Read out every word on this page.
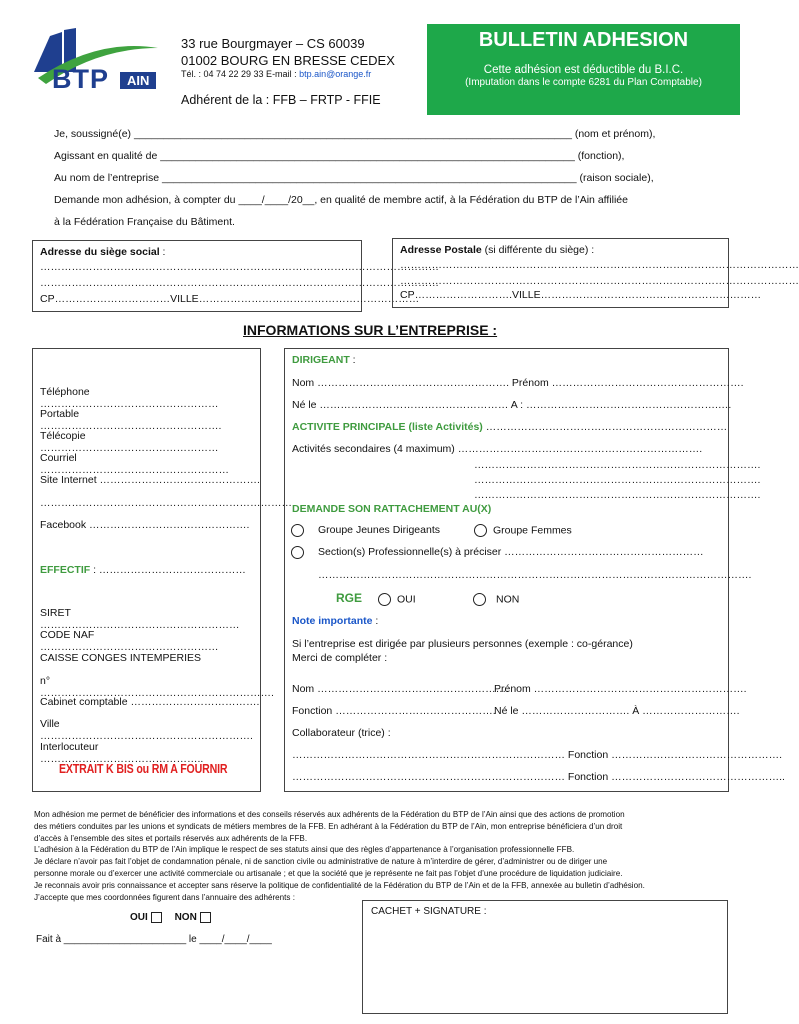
BTP	AIN
33 rue Bourgmayer – CS 60039
01002 BOURG EN BRESSE CEDEX
Tél. : 04 74 22 29 33 E-mail : btp.ain@orange.fr
Adhérent de la : FFB – FRTP - FFIE
BULLETIN ADHESION
Cette adhésion est déductible du B.I.C.
(Imputation dans le compte 6281 du Plan Comptable)
Je, soussigné(e) ___________________________________________________________________________ (nom et prénom),
Agissant en qualité de _______________________________________________________________________ (fonction),
Au nom de l’entreprise _______________________________________________________________________ (raison sociale),
Demande mon adhésion, à compter du ____/____/20__, en qualité de membre actif, à la Fédération du BTP de l’Ain affiliée
à la Fédération Française du Bâtiment.
Adresse du siège social :
……………………………………………………………………………………………………
……………………………………………………………………………………………………
CP……………………………VILLE………………………………………………………
Adresse Postale (si différente du siège) :
……………………………………………………………………………………………………
……………………………………………………………………………………………………
CP……………………….VILLE………………………………………………………
INFORMATIONS SUR L’ENTREPRISE :
Téléphone ……………………………………………
Portable …………………………………………….
Télécopie ……………………………………………
Courriel ………………………………………………
Site Internet ……………………………………….
………………………………………………………………
Facebook ……………………………………….
EFFECTIF : ……………………………………
SIRET …………………………………………………
CODE NAF ……………………………………………
CAISSE CONGES INTEMPERIES
n° ………………………………………………………….
Cabinet comptable ……………………………….
Ville …………………………………………………….
Interlocuteur ………………………………………..
EXTRAIT K BIS ou RM A FOURNIR
DIRIGEANT :
Nom ………………………………………………. Prénom ……………………………………………….
Né le ……………………………………………… A : ……………………………………………….….
ACTIVITE PRINCIPALE (liste Activités) ……………………………………………………………
Activités secondaires (4 maximum) …………………………………………………………….
……………………………………………………………………….
……………………………………………………………………….
……………………………………………………………………….
DEMANDE SON RATTACHEMENT AU(X)
Groupe Jeunes Dirigeants	Groupe Femmes
Section(s) Professionnelle(s) à préciser …………………………………………………
…………………………………………………………………………………………………………….
RGE	OUI	NON
Note importante :
Si l’entreprise est dirigée par plusieurs personnes (exemple : co-gérance)
Merci de compléter :
Nom ……………………………………………….
Prénom …………………………………………………….
Fonction ……………………………………….
Né le …………………………. À ……………………….
Collaborateur (trice) :
…………………………………………………………………… Fonction ………………………………………….
…………………………………………………………………… Fonction …………………………………………..
Mon adhésion me permet de bénéficier des informations et des conseils réservés aux adhérents de la Fédération du BTP de l’Ain ainsi que des actions de promotion
des métiers conduites par les unions et syndicats de métiers membres de la FFB. En adhérant à la Fédération du BTP de l’Ain, mon entreprise bénéficiera d’un droit
d’accès à l’ensemble des sites et portails réservés aux adhérents de la FFB.
L’adhésion à la Fédération du BTP de l’Ain implique le respect de ses statuts ainsi que des règles d’appartenance à l’organisation professionnelle FFB.
Je déclare n’avoir pas fait l’objet de condamnation pénale, ni de sanction civile ou administrative de nature à m’interdire de gérer, d’administrer ou de diriger une
personne morale ou d’exercer une activité commerciale ou artisanale ; et que la société que je représente ne fait pas l’objet d’une procédure de liquidation judiciaire.
Je reconnais avoir pris connaissance et accepter sans réserve la politique de confidentialité de la Fédération du BTP de l’Ain et de la FFB, annexée au bulletin d’adhésion.
J’accepte que mes coordonnées figurent dans l’annuaire des adhérents :
OUI	NON
Fait à ______________________ le ____/____/____
CACHET + SIGNATURE :
